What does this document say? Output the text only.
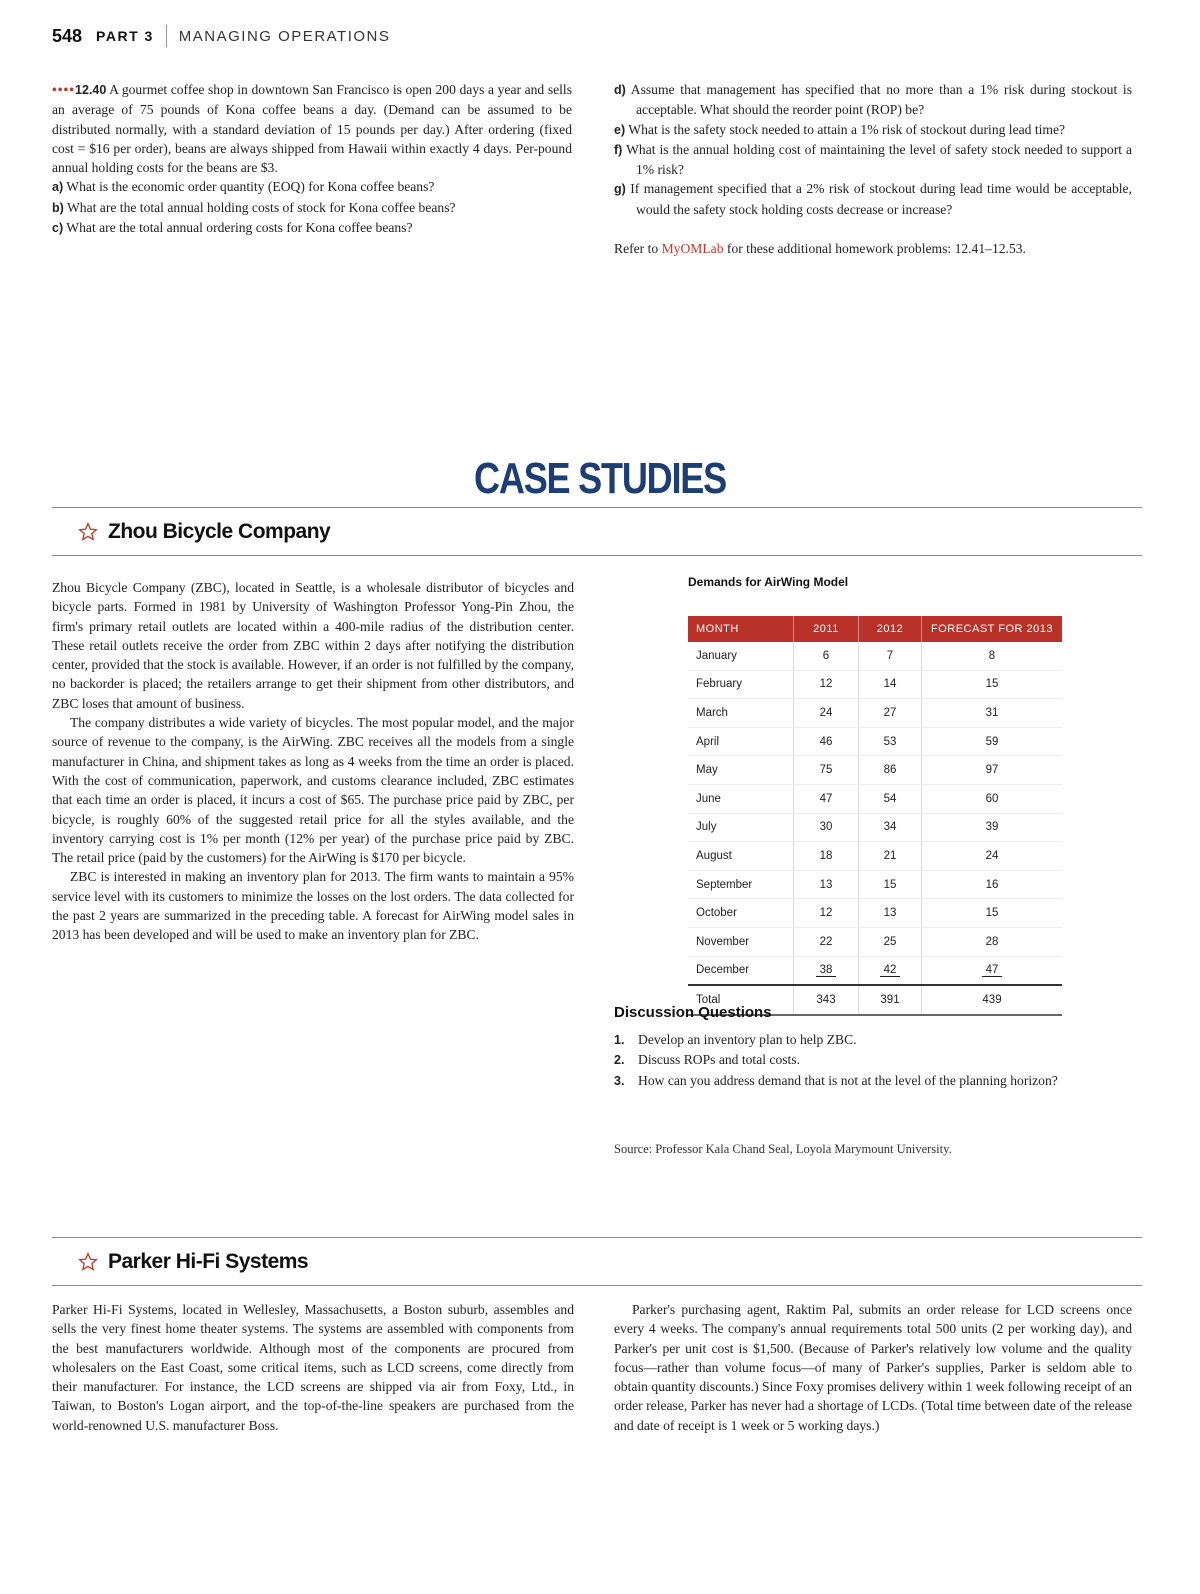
548 PART 3 MANAGING OPERATIONS

••••12.40 A gourmet coffee shop in downtown San Francisco is open 200 days a year and sells an average of 75 pounds of Kona coffee beans a day. (Demand can be assumed to be distributed normally, with a standard deviation of 15 pounds per day.) After ordering (fixed cost = $16 per order), beans are always shipped from Hawaii within exactly 4 days. Per-pound annual holding costs for the beans are $3.

a) What is the economic order quantity (EOQ) for Kona coffee beans?

b) What are the total annual holding costs of stock for Kona coffee beans?

c) What are the total annual ordering costs for Kona coffee beans?

d) Assume that management has specified that no more than a 1% risk during stockout is acceptable. What should the reorder point (ROP) be?

e) What is the safety stock needed to attain a 1% risk of stockout during lead time?

f) What is the annual holding cost of maintaining the level of safety stock needed to support a 1% risk?

g) If management specified that a 2% risk of stockout during lead time would be acceptable, would the safety stock holding costs decrease or increase?

Refer to MyOMLab for these additional homework problems: 12.41–12.53.

CASE STUDIES
Zhou Bicycle Company

Zhou Bicycle Company (ZBC), located in Seattle, is a wholesale distributor of bicycles and bicycle parts. Formed in 1981 by University of Washington Professor Yong-Pin Zhou, the firm's primary retail outlets are located within a 400-mile radius of the distribution center. These retail outlets receive the order from ZBC within 2 days after notifying the distribution center, provided that the stock is available. However, if an order is not fulfilled by the company, no backorder is placed; the retailers arrange to get their shipment from other distributors, and ZBC loses that amount of business.

The company distributes a wide variety of bicycles. The most popular model, and the major source of revenue to the company, is the AirWing. ZBC receives all the models from a single manufacturer in China, and shipment takes as long as 4 weeks from the time an order is placed. With the cost of communication, paperwork, and customs clearance included, ZBC estimates that each time an order is placed, it incurs a cost of $65. The purchase price paid by ZBC, per bicycle, is roughly 60% of the suggested retail price for all the styles available, and the inventory carrying cost is 1% per month (12% per year) of the purchase price paid by ZBC. The retail price (paid by the customers) for the AirWing is $170 per bicycle.

ZBC is interested in making an inventory plan for 2013. The firm wants to maintain a 95% service level with its customers to minimize the losses on the lost orders. The data collected for the past 2 years are summarized in the preceding table. A forecast for AirWing model sales in 2013 has been developed and will be used to make an inventory plan for ZBC.

Demands for AirWing Model
MONTH	2011	2012	FORECAST FOR 2013
January	6	7	8
February	12	14	15
March	24	27	31
April	46	53	59
May	75	86	97
June	47	54	60
July	30	34	39
August	18	21	24
September	13	15	16
October	12	13	15
November	22	25	28
December	38	42	47
Total	343	391	439
Discussion Questions
1. Develop an inventory plan to help ZBC.
2. Discuss ROPs and total costs.
3. How can you address demand that is not at the level of the planning horizon?
Source: Professor Kala Chand Seal, Loyola Marymount University.
Parker Hi-Fi Systems

Parker Hi-Fi Systems, located in Wellesley, Massachusetts, a Boston suburb, assembles and sells the very finest home theater systems. The systems are assembled with components from the best manufacturers worldwide. Although most of the components are procured from wholesalers on the East Coast, some critical items, such as LCD screens, come directly from their manufacturer. For instance, the LCD screens are shipped via air from Foxy, Ltd., in Taiwan, to Boston's Logan airport, and the top-of-the-line speakers are purchased from the world-renowned U.S. manufacturer Boss.

Parker's purchasing agent, Raktim Pal, submits an order release for LCD screens once every 4 weeks. The company's annual requirements total 500 units (2 per working day), and Parker's per unit cost is $1,500. (Because of Parker's relatively low volume and the quality focus—rather than volume focus—of many of Parker's supplies, Parker is seldom able to obtain quantity discounts.) Since Foxy promises delivery within 1 week following receipt of an order release, Parker has never had a shortage of LCDs. (Total time between date of the release and date of receipt is 1 week or 5 working days.)
